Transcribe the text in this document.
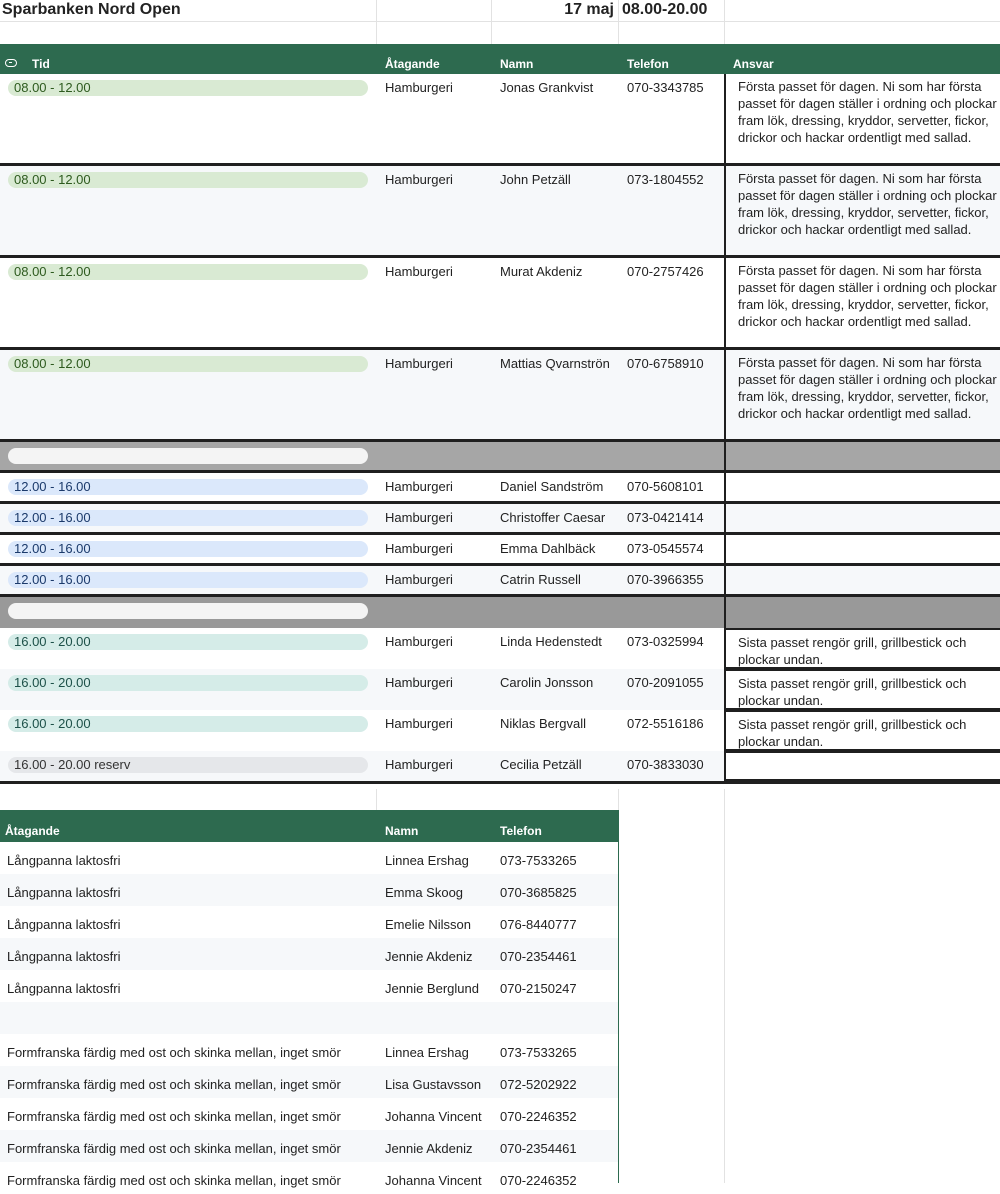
Sparbanken Nord Open	17 maj 08.00-20.00
Tid	Åtagande	Namn	Telefon	Ansvar
08.00 - 12.00	Hamburgeri	Jonas Grankvist	070-3343785	Första passet för dagen. Ni som har första passet för dagen ställer i ordning och plockar fram lök, dressing, kryddor, servetter, fickor, drickor och hackar ordentligt med sallad.
08.00 - 12.00	Hamburgeri	John Petzäll	073-1804552	Första passet för dagen. Ni som har första passet för dagen ställer i ordning och plockar fram lök, dressing, kryddor, servetter, fickor, drickor och hackar ordentligt med sallad.
08.00 - 12.00	Hamburgeri	Murat Akdeniz	070-2757426	Första passet för dagen. Ni som har första passet för dagen ställer i ordning och plockar fram lök, dressing, kryddor, servetter, fickor, drickor och hackar ordentligt med sallad.
08.00 - 12.00	Hamburgeri	Mattias Qvarnströn	070-6758910	Första passet för dagen. Ni som har första passet för dagen ställer i ordning och plockar fram lök, dressing, kryddor, servetter, fickor, drickor och hackar ordentligt med sallad.
12.00 - 16.00	Hamburgeri	Daniel Sandström	070-5608101
12.00 - 16.00	Hamburgeri	Christoffer Caesar	073-0421414
12.00 - 16.00	Hamburgeri	Emma Dahlbäck	073-0545574
12.00 - 16.00	Hamburgeri	Catrin Russell	070-3966355
16.00 - 20.00	Hamburgeri	Linda Hedenstedt	073-0325994	Sista passet rengör grill, grillbestick och plockar undan.
16.00 - 20.00	Hamburgeri	Carolin Jonsson	070-2091055	Sista passet rengör grill, grillbestick och plockar undan.
16.00 - 20.00	Hamburgeri	Niklas Bergvall	072-5516186	Sista passet rengör grill, grillbestick och plockar undan.
16.00 - 20.00 reserv	Hamburgeri	Cecilia Petzäll	070-3833030
Åtagande	Namn	Telefon
Långpanna laktosfri	Linnea Ershag	073-7533265
Långpanna laktosfri	Emma Skoog	070-3685825
Långpanna laktosfri	Emelie Nilsson	076-8440777
Långpanna laktosfri	Jennie Akdeniz	070-2354461
Långpanna laktosfri	Jennie Berglund	070-2150247
Formfranska färdig med ost och skinka mellan, inget smör	Linnea Ershag	073-7533265
Formfranska färdig med ost och skinka mellan, inget smör	Lisa Gustavsson	072-5202922
Formfranska färdig med ost och skinka mellan, inget smör	Johanna Vincent	070-2246352
Formfranska färdig med ost och skinka mellan, inget smör	Jennie Akdeniz	070-2354461
Formfranska färdig med ost och skinka mellan, inget smör	Johanna Vincent	070-2246352
